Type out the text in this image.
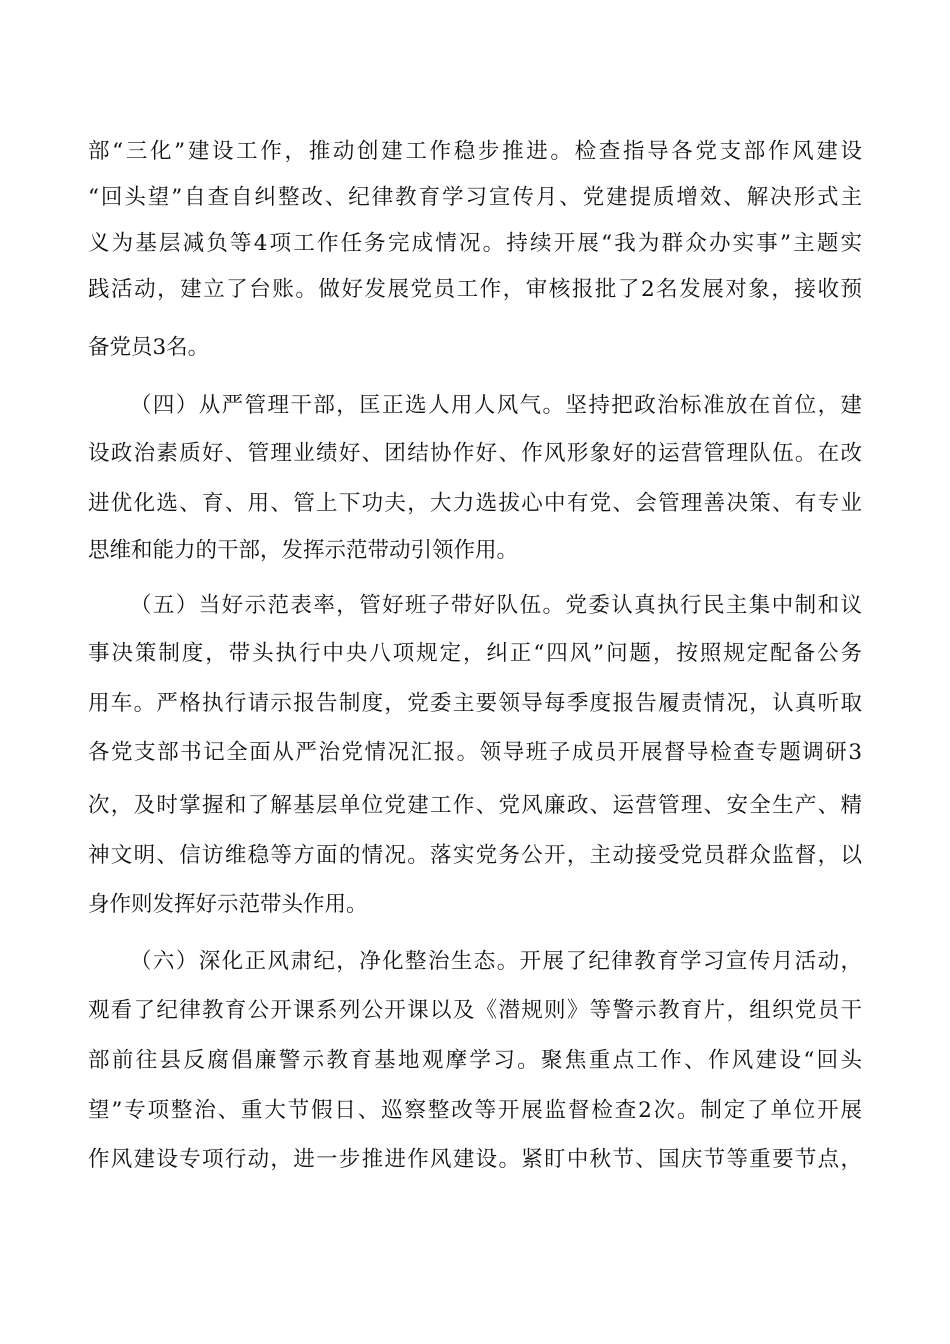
部“三化”建设工作，推动创建工作稳步推进。检查指导各党支部作风建设
“回头望”自查自纠整改、纪律教育学习宣传月、党建提质增效、解决形式主
义为基层减负等4项工作任务完成情况。持续开展“我为群众办实事”主题实
践活动，建立了台账。做好发展党员工作，审核报批了2名发展对象，接收预
备党员3名。
（四）从严管理干部，匡正选人用人风气。坚持把政治标准放在首位，建
设政治素质好、管理业绩好、团结协作好、作风形象好的运营管理队伍。在改
进优化选、育、用、管上下功夫，大力选拔心中有党、会管理善决策、有专业
思维和能力的干部，发挥示范带动引领作用。
（五）当好示范表率，管好班子带好队伍。党委认真执行民主集中制和议
事决策制度，带头执行中央八项规定，纠正“四风”问题，按照规定配备公务
用车。严格执行请示报告制度，党委主要领导每季度报告履责情况，认真听取
各党支部书记全面从严治党情况汇报。领导班子成员开展督导检查专题调研3
次，及时掌握和了解基层单位党建工作、党风廉政、运营管理、安全生产、精
神文明、信访维稳等方面的情况。落实党务公开，主动接受党员群众监督，以
身作则发挥好示范带头作用。
（六）深化正风肃纪，净化整治生态。开展了纪律教育学习宣传月活动，
观看了纪律教育公开课系列公开课以及《潜规则》等警示教育片，组织党员干
部前往县反腐倡廉警示教育基地观摩学习。聚焦重点工作、作风建设“回头
望”专项整治、重大节假日、巡察整改等开展监督检查2次。制定了单位开展
作风建设专项行动，进一步推进作风建设。紧盯中秋节、国庆节等重要节点，
